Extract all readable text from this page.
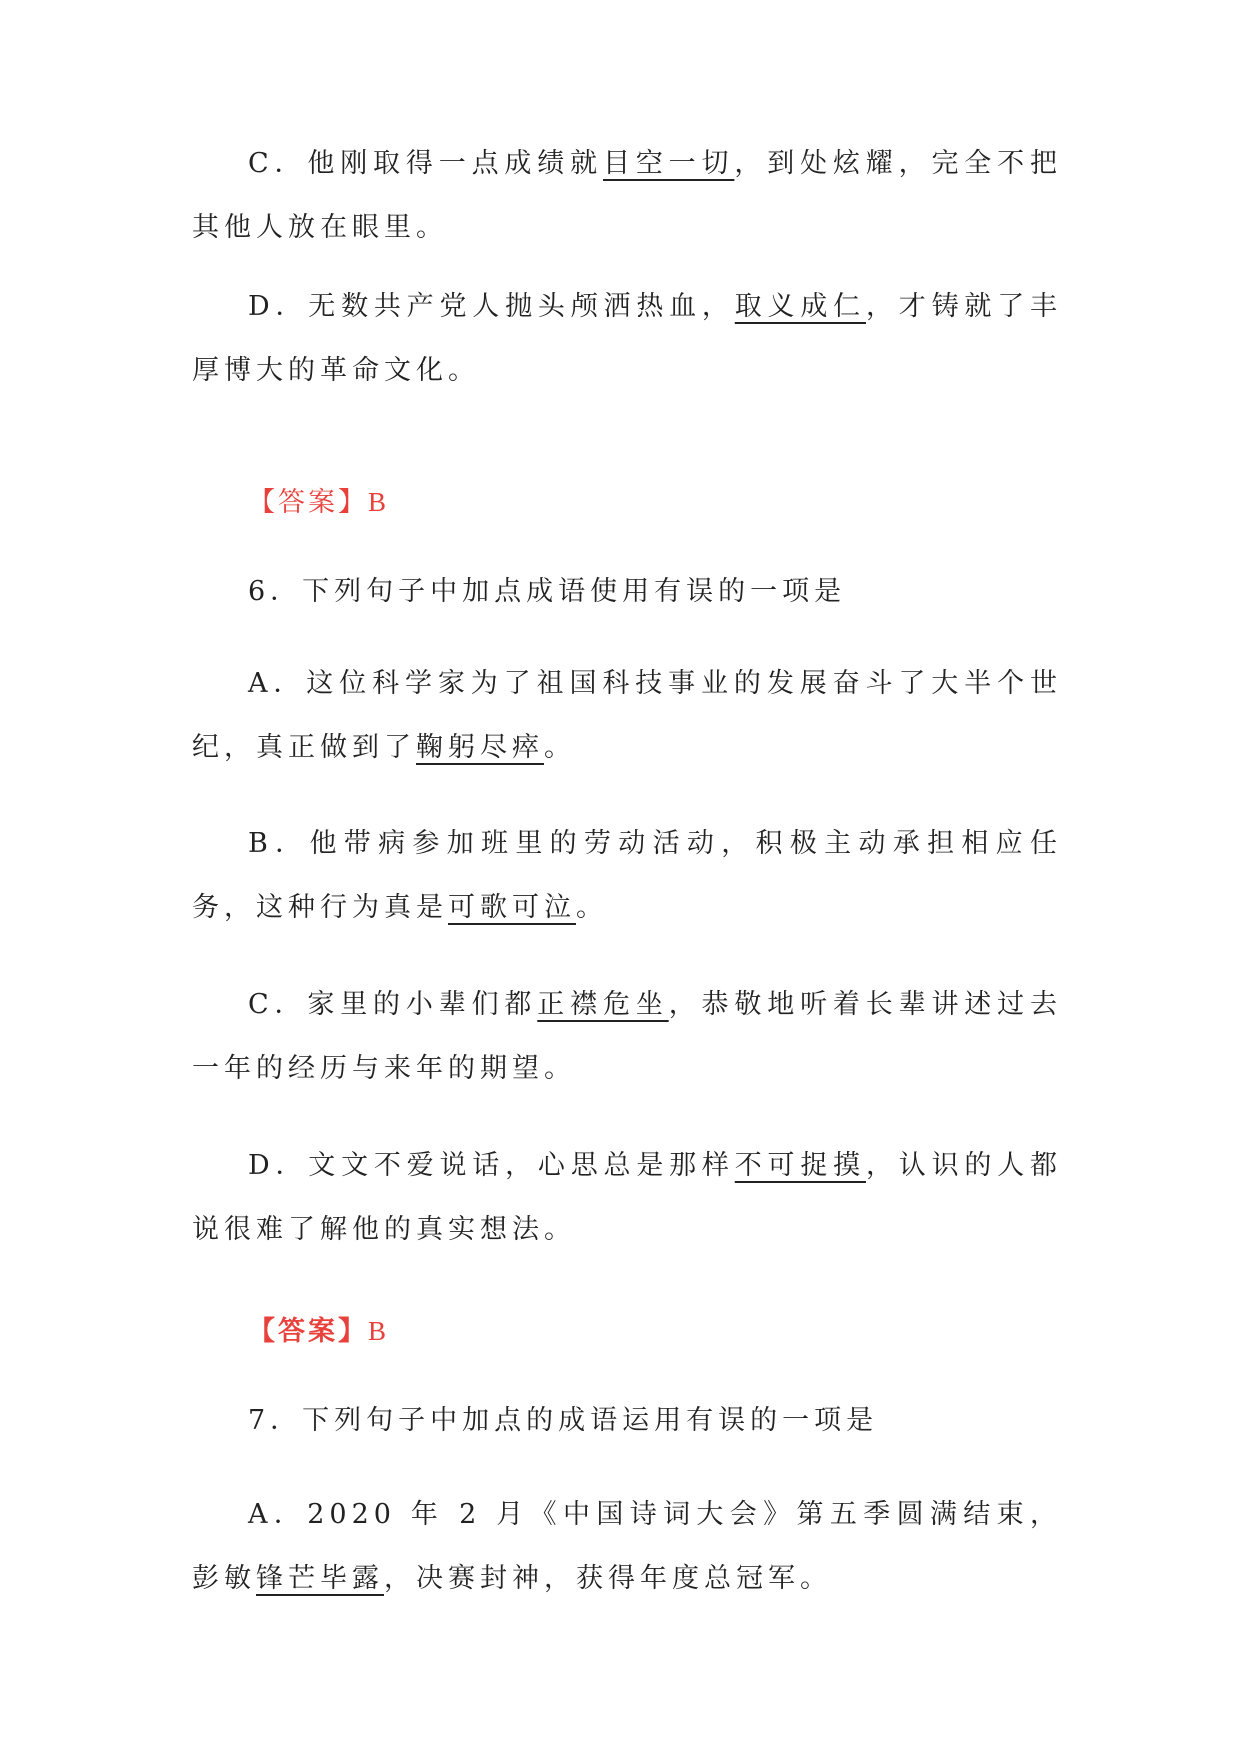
C．他刚取得一点成绩就目空一切，到处炫耀，完全不把其他人放在眼里。

D．无数共产党人抛头颅洒热血，取义成仁，才铸就了丰厚博大的革命文化。

【答案】B

6．下列句子中加点成语使用有误的一项是

A．这位科学家为了祖国科技事业的发展奋斗了大半个世纪，真正做到了鞠躬尽瘁。

B．他带病参加班里的劳动活动，积极主动承担相应任务，这种行为真是可歌可泣。

C．家里的小辈们都正襟危坐，恭敬地听着长辈讲述过去一年的经历与来年的期望。

D．文文不爱说话，心思总是那样不可捉摸，认识的人都说很难了解他的真实想法。

【答案】B

7．下列句子中加点的成语运用有误的一项是

A．2020 年 2 月《中国诗词大会》第五季圆满结束，彭敏锋芒毕露，决赛封神，获得年度总冠军。
